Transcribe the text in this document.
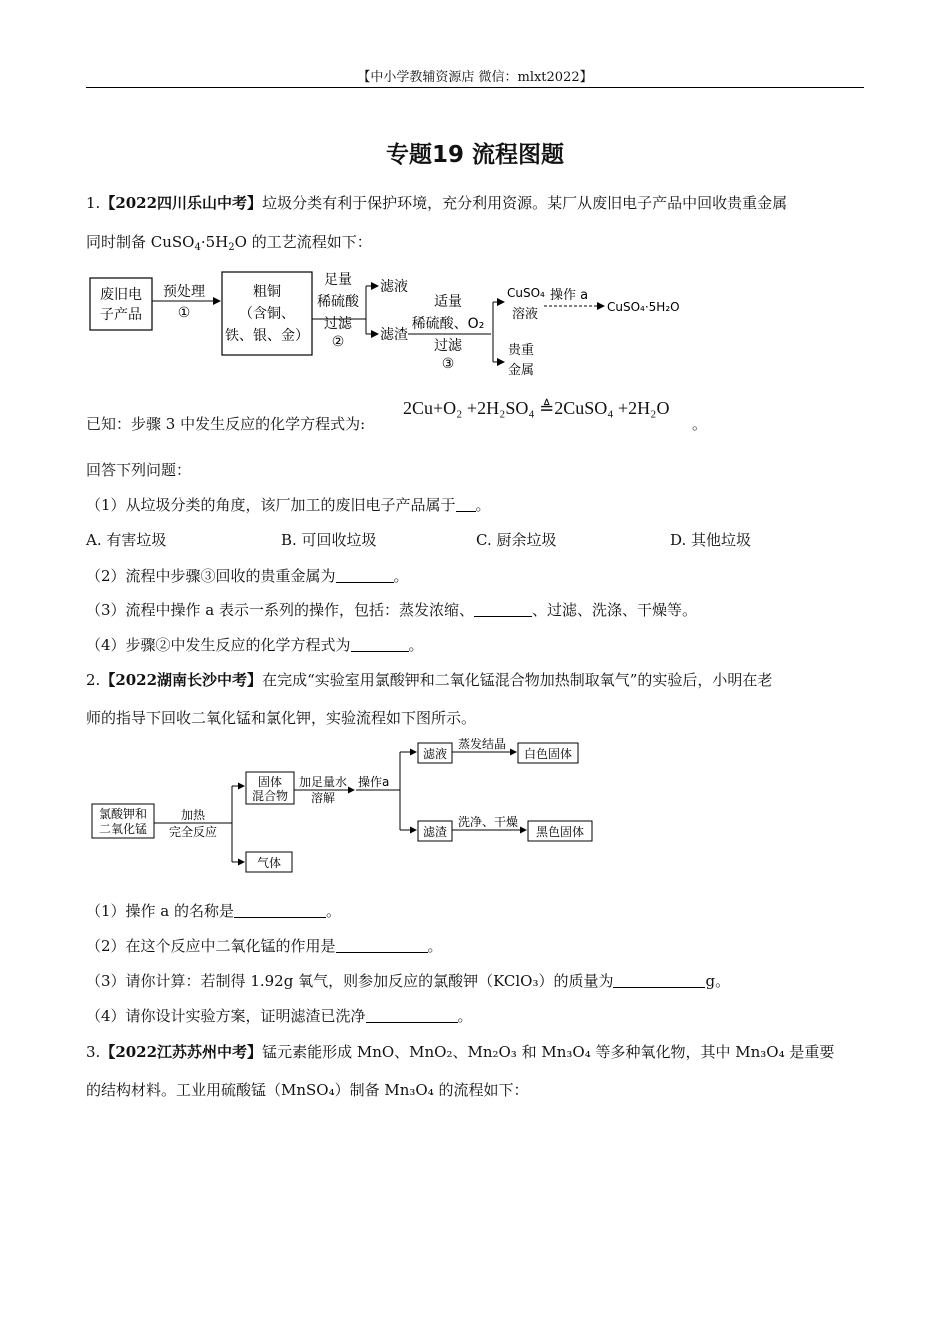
【中小学教辅资源店 微信：mlxt2022】
专题19 流程图题
1.【2022四川乐山中考】垃圾分类有利于保护环境，充分利用资源。某厂从废旧电子产品中回收贵重金属
同时制备 $CuSO_4\cdot 5H_2O$ 的工艺流程如下：
废旧电
子产品
预处理
①
粗铜
（含铜、
铁、银、金）
足量
稀硫酸
过滤
②
滤液
滤渣
适量
稀硫酸、O₂
过滤
③
CuSO₄
溶液
操作 a
CuSO₄·5H₂O
贵重
金属
已知：步骤 3 中发生反应的化学方程式为:
2Cu+O₂ +2H₂SO₄ ≜2CuSO₄ +2H₂O
。
回答下列问题：
（1）从垃圾分类的角度，该厂加工的废旧电子产品属于 。
A. 有害垃圾	B. 可回收垃圾	C. 厨余垃圾	D. 其他垃圾
（2）流程中步骤③回收的贵重金属为	。
（3）流程中操作 a 表示一系列的操作，包括：蒸发浓缩、	、过滤、洗涤、干燥等。
（4）步骤②中发生反应的化学方程式为	。
2.【2022湖南长沙中考】在完成“实验室用氯酸钾和二氧化锰混合物加热制取氧气”的实验后，小明在老
师的指导下回收二氧化锰和氯化钾，实验流程如下图所示。
氯酸钾和
二氧化锰
加热
完全反应
固体
混合物
加足量水
溶解
操作a
滤液
蒸发结晶
白色固体
滤渣
洗净、干燥
黑色固体
气体
（1）操作 a 的名称是	。
（2）在这个反应中二氧化锰的作用是	。
（3）请你计算：若制得 1.92g 氧气，则参加反应的氯酸钾（KClO₃）的质量为	g。
（4）请你设计实验方案，证明滤渣已洗净	。
3.【2022江苏苏州中考】锰元素能形成 MnO、MnO₂、Mn₂O₃ 和 Mn₃O₄ 等多种氧化物，其中 Mn₃O₄ 是重要
的结构材料。工业用硫酸锰（MnSO₄）制备 Mn₃O₄ 的流程如下：
